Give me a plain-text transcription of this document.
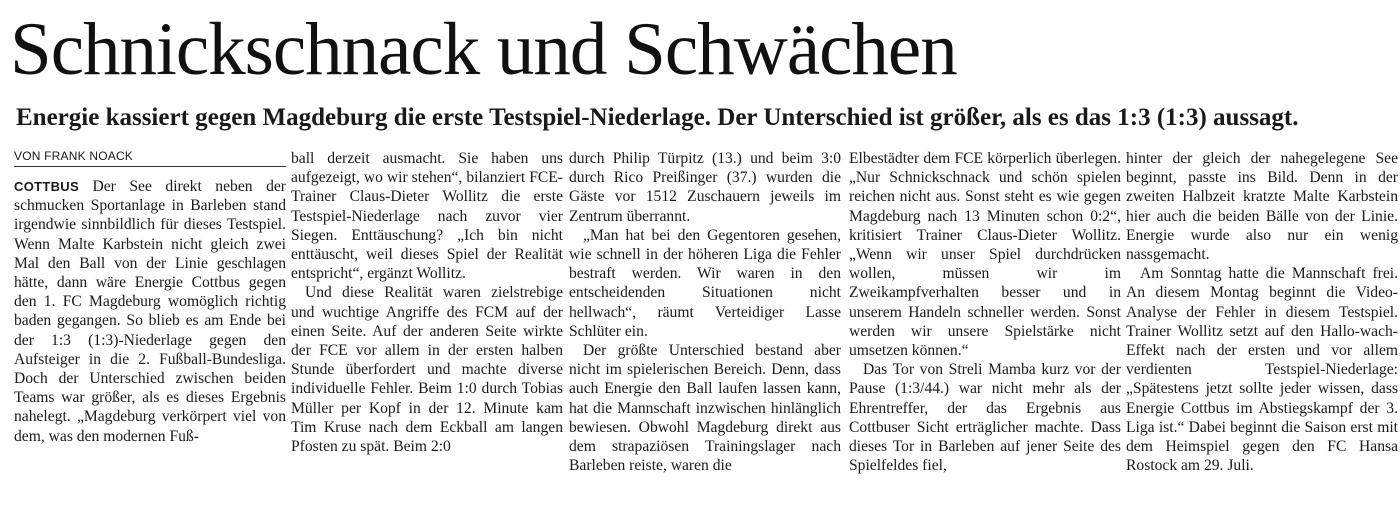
Schnickschnack und Schwächen
Energie kassiert gegen Magdeburg die erste Testspiel-Niederlage. Der Unterschied ist größer, als es das 1:3 (1:3) aussagt.
VON FRANK NOACK

COTTBUS Der See direkt neben der schmucken Sportanlage in Barleben stand irgendwie sinnbildlich für dieses Testspiel. Wenn Malte Karbstein nicht gleich zwei Mal den Ball von der Linie geschlagen hätte, dann wäre Energie Cottbus gegen den 1. FC Magdeburg womöglich richtig baden gegangen. So blieb es am Ende bei der 1:3 (1:3)-Niederlage gegen den Aufsteiger in die 2. Fußball-Bundesliga. Doch der Unterschied zwischen beiden Teams war größer, als es dieses Ergebnis nahelegt. „Magdeburg verkörpert viel von dem, was den modernen Fuß-

ball derzeit ausmacht. Sie haben uns aufgezeigt, wo wir stehen“, bilanziert FCE-Trainer Claus-Dieter Wollitz die erste Testspiel-Niederlage nach zuvor vier Siegen. Enttäuschung? „Ich bin nicht enttäuscht, weil dieses Spiel der Realität entspricht“, ergänzt Wollitz.

Und diese Realität waren zielstrebige und wuchtige Angriffe des FCM auf der einen Seite. Auf der anderen Seite wirkte der FCE vor allem in der ersten halben Stunde überfordert und machte diverse individuelle Fehler. Beim 1:0 durch Tobias Müller per Kopf in der 12. Minute kam Tim Kruse nach dem Eckball am langen Pfosten zu spät. Beim 2:0

durch Philip Türpitz (13.) und beim 3:0 durch Rico Preißinger (37.) wurden die Gäste vor 1512 Zuschauern jeweils im Zentrum überrannt.

„Man hat bei den Gegentoren gesehen, wie schnell in der höheren Liga die Fehler bestraft werden. Wir waren in den entscheidenden Situationen nicht hellwach“, räumt Verteidiger Lasse Schlüter ein.

Der größte Unterschied bestand aber nicht im spielerischen Bereich. Denn, dass auch Energie den Ball laufen lassen kann, hat die Mannschaft inzwischen hinlänglich bewiesen. Obwohl Magdeburg direkt aus dem strapaziösen Trainingslager nach Barleben reiste, waren die

Elbestädter dem FCE körperlich überlegen. „Nur Schnickschnack und schön spielen reichen nicht aus. Sonst steht es wie gegen Magdeburg nach 13 Minuten schon 0:2“, kritisiert Trainer Claus-Dieter Wollitz. „Wenn wir unser Spiel durchdrücken wollen, müssen wir im Zweikampfverhalten besser und in unserem Handeln schneller werden. Sonst werden wir unsere Spielstärke nicht umsetzen können.“

Das Tor von Streli Mamba kurz vor der Pause (1:3/44.) war nicht mehr als der Ehrentreffer, der das Ergebnis aus Cottbuser Sicht erträglicher machte. Dass dieses Tor in Barleben auf jener Seite des Spielfeldes fiel,

hinter der gleich der nahegelegene See beginnt, passte ins Bild. Denn in der zweiten Halbzeit kratzte Malte Karbstein hier auch die beiden Bälle von der Linie. Energie wurde also nur ein wenig nassgemacht.

Am Sonntag hatte die Mannschaft frei. An diesem Montag beginnt die Video-Analyse der Fehler in diesem Testspiel. Trainer Wollitz setzt auf den Hallo-wach-Effekt nach der ersten und vor allem verdienten Testspiel-Niederlage: „Spätestens jetzt sollte jeder wissen, dass Energie Cottbus im Abstiegskampf der 3. Liga ist.“ Dabei beginnt die Saison erst mit dem Heimspiel gegen den FC Hansa Rostock am 29. Juli.
